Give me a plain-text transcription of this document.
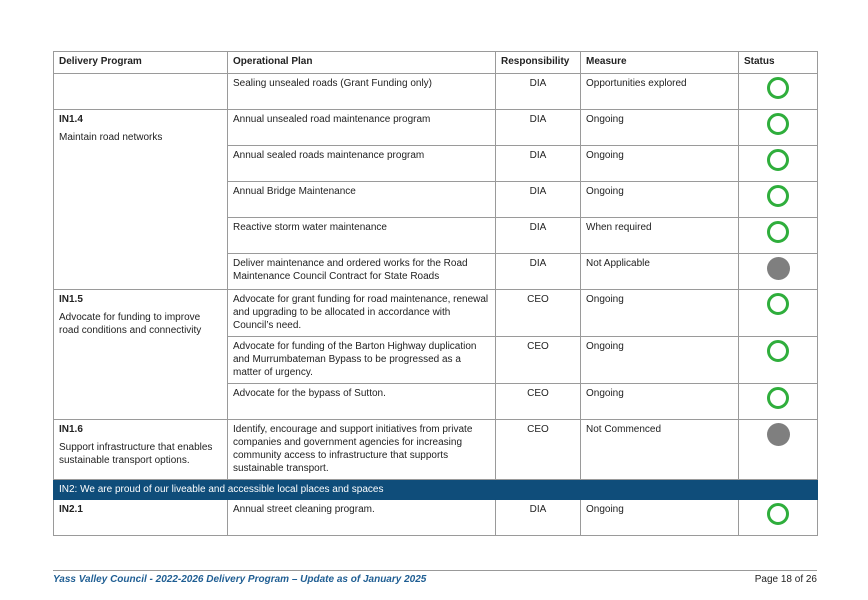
Delivery Program	Operational Plan	Responsibility	Measure	Status
	Sealing unsealed roads (Grant Funding only)	DIA	Opportunities explored	

IN1.4
Maintain road networks	Annual unsealed road maintenance program	DIA	Ongoing	
	Annual sealed roads maintenance program	DIA	Ongoing	
	Annual Bridge Maintenance	DIA	Ongoing	
	Reactive storm water maintenance	DIA	When required	
	Deliver maintenance and ordered works for the Road Maintenance Council Contract for State Roads	DIA	Not Applicable	

IN1.5
Advocate for funding to improve road conditions and connectivity	Advocate for grant funding for road maintenance, renewal and upgrading to be allocated in accordance with Council’s need.	CEO	Ongoing	
	Advocate for funding of the Barton Highway duplication and Murrumbateman Bypass to be progressed as a matter of urgency.	CEO	Ongoing	
	Advocate for the bypass of Sutton.	CEO	Ongoing	

IN1.6
Support infrastructure that enables sustainable transport options.	Identify, encourage and support initiatives from private companies and government agencies for increasing community access to infrastructure that supports sustainable transport.	CEO	Not Commenced	
IN2: We are proud of our liveable and accessible local places and spaces				

IN2.1	Annual street cleaning program.	DIA	Ongoing	
Yass Valley Council - 2022-2026 Delivery Program – Update as of January 2025	Page 18 of 26
